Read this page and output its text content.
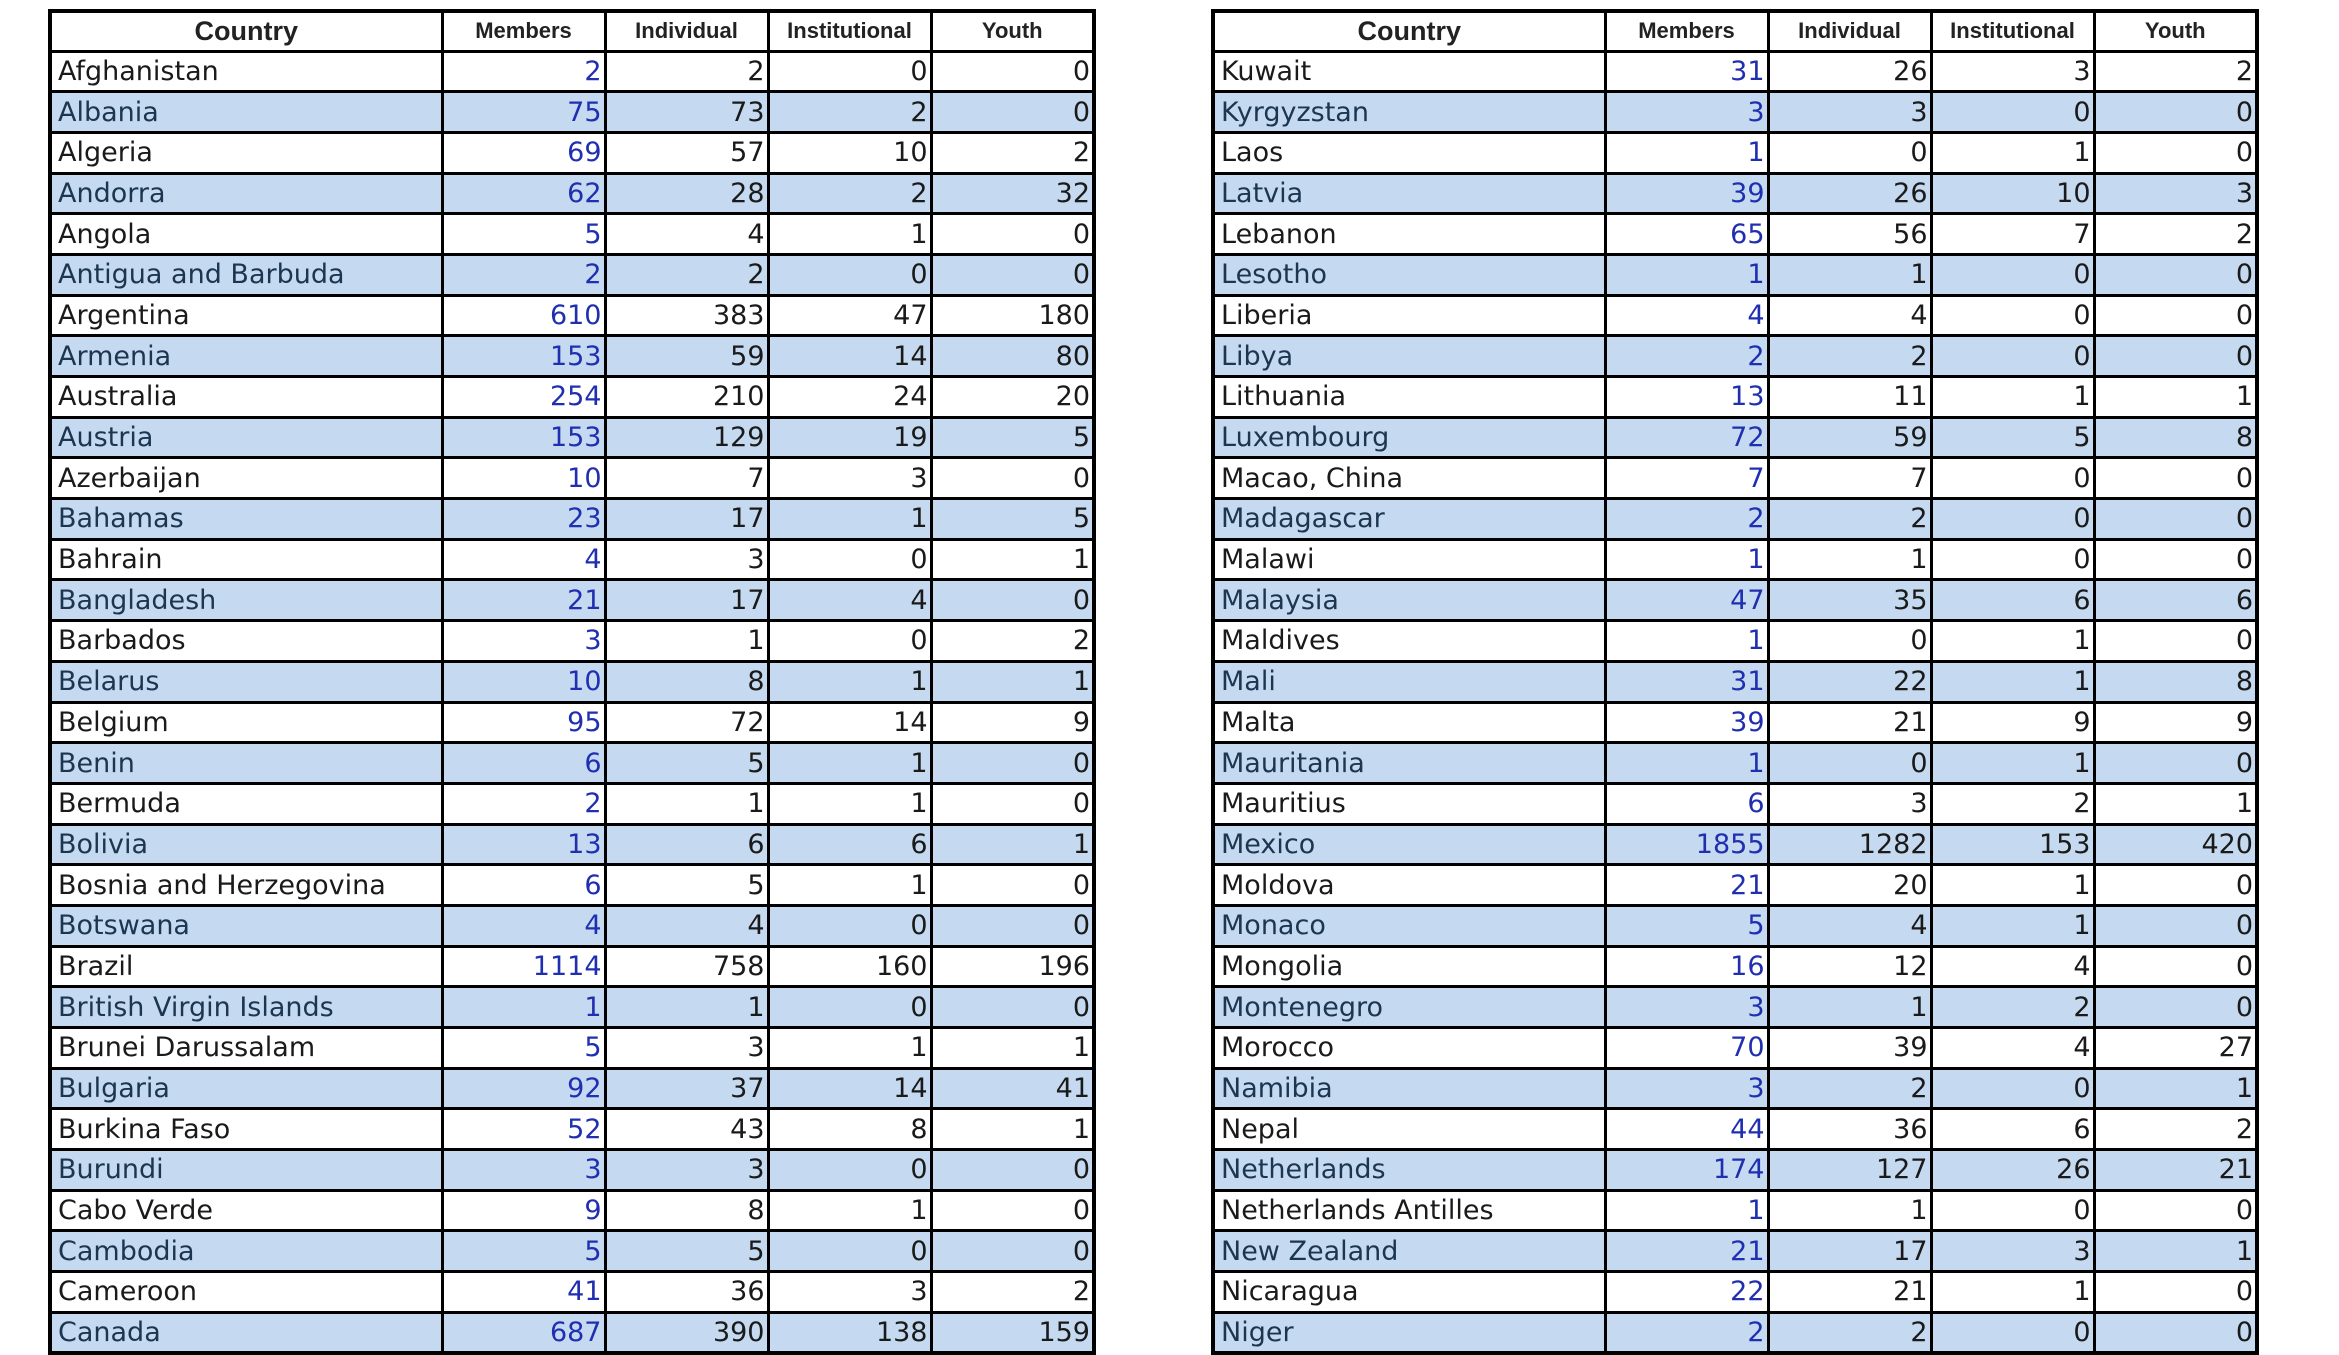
Country	Members	Individual	Institutional	Youth
Afghanistan	2	2	0	0
Albania	75	73	2	0
Algeria	69	57	10	2
Andorra	62	28	2	32
Angola	5	4	1	0
Antigua and Barbuda	2	2	0	0
Argentina	610	383	47	180
Armenia	153	59	14	80
Australia	254	210	24	20
Austria	153	129	19	5
Azerbaijan	10	7	3	0
Bahamas	23	17	1	5
Bahrain	4	3	0	1
Bangladesh	21	17	4	0
Barbados	3	1	0	2
Belarus	10	8	1	1
Belgium	95	72	14	9
Benin	6	5	1	0
Bermuda	2	1	1	0
Bolivia	13	6	6	1
Bosnia and Herzegovina	6	5	1	0
Botswana	4	4	0	0
Brazil	1114	758	160	196
British Virgin Islands	1	1	0	0
Brunei Darussalam	5	3	1	1
Bulgaria	92	37	14	41
Burkina Faso	52	43	8	1
Burundi	3	3	0	0
Cabo Verde	9	8	1	0
Cambodia	5	5	0	0
Cameroon	41	36	3	2
Canada	687	390	138	159
Country	Members	Individual	Institutional	Youth
Kuwait	31	26	3	2
Kyrgyzstan	3	3	0	0
Laos	1	0	1	0
Latvia	39	26	10	3
Lebanon	65	56	7	2
Lesotho	1	1	0	0
Liberia	4	4	0	0
Libya	2	2	0	0
Lithuania	13	11	1	1
Luxembourg	72	59	5	8
Macao, China	7	7	0	0
Madagascar	2	2	0	0
Malawi	1	1	0	0
Malaysia	47	35	6	6
Maldives	1	0	1	0
Mali	31	22	1	8
Malta	39	21	9	9
Mauritania	1	0	1	0
Mauritius	6	3	2	1
Mexico	1855	1282	153	420
Moldova	21	20	1	0
Monaco	5	4	1	0
Mongolia	16	12	4	0
Montenegro	3	1	2	0
Morocco	70	39	4	27
Namibia	3	2	0	1
Nepal	44	36	6	2
Netherlands	174	127	26	21
Netherlands Antilles	1	1	0	0
New Zealand	21	17	3	1
Nicaragua	22	21	1	0
Niger	2	2	0	0
